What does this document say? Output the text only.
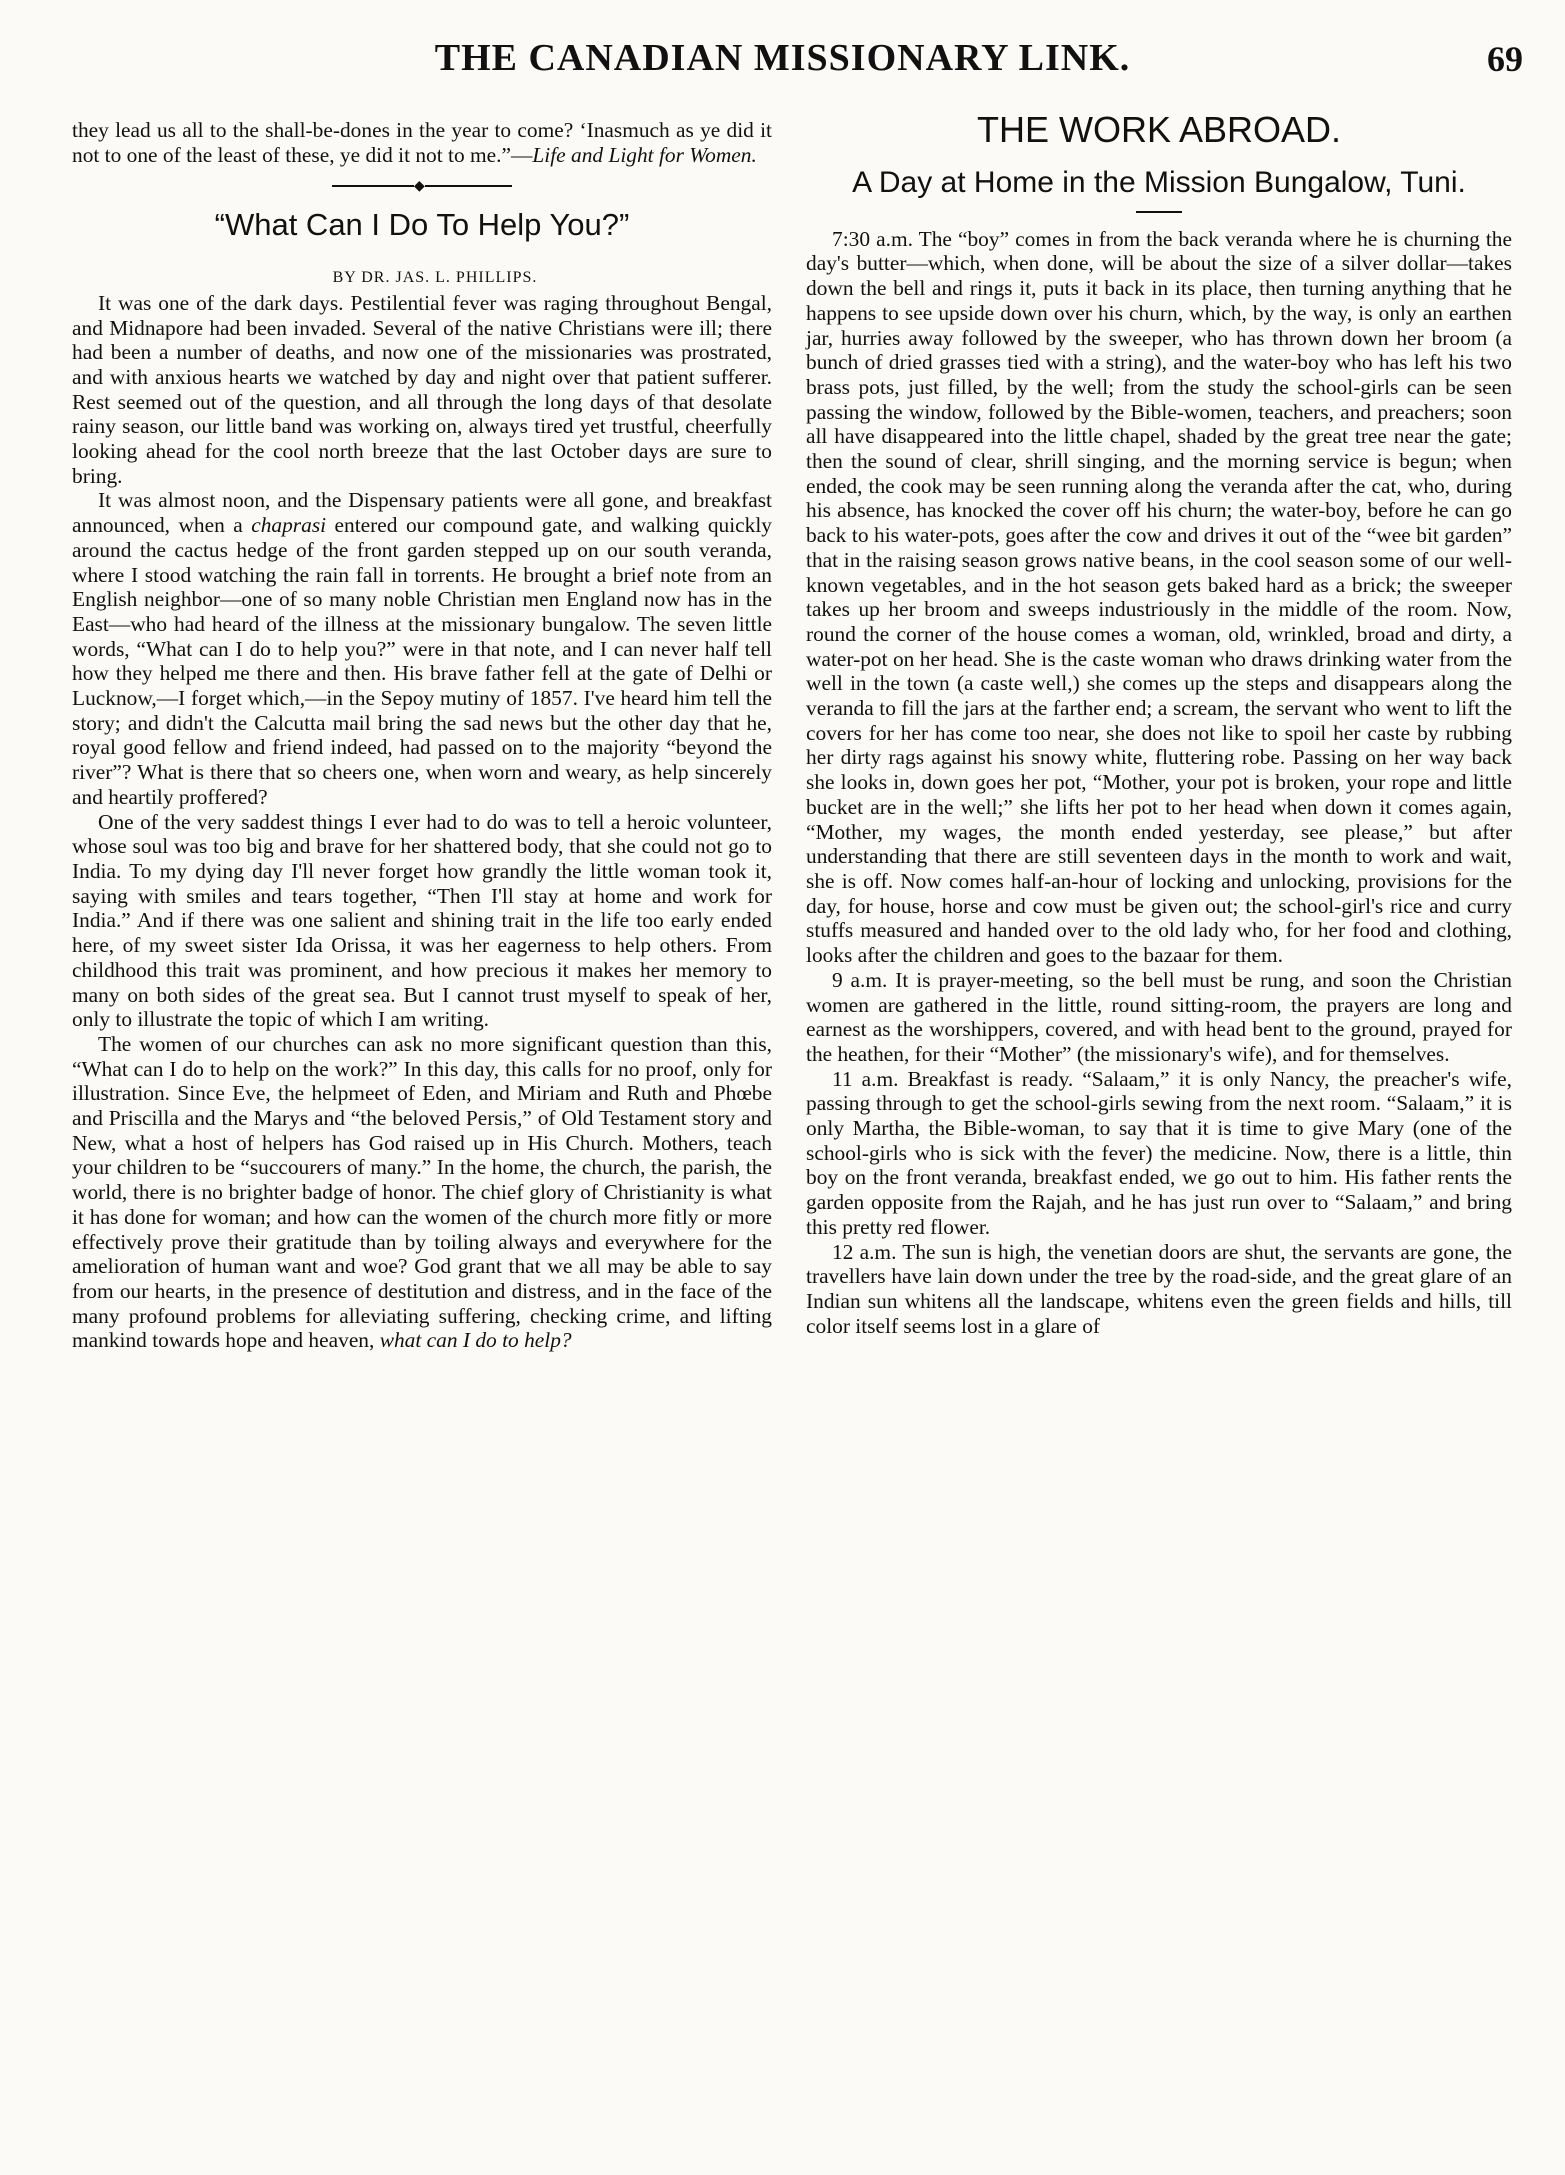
THE CANADIAN MISSIONARY LINK.	69

they lead us all to the shall-be-dones in the year to come? ‘Inasmuch as ye did it not to one of the least of these, ye did it not to me.”—Life and Light for Women.

◆
“What Can I Do To Help You?”

BY DR. JAS. L. PHILLIPS.

It was one of the dark days. Pestilential fever was raging throughout Bengal, and Midnapore had been invaded. Several of the native Christians were ill; there had been a number of deaths, and now one of the missionaries was prostrated, and with anxious hearts we watched by day and night over that patient sufferer. Rest seemed out of the question, and all through the long days of that desolate rainy season, our little band was working on, always tired yet trustful, cheerfully looking ahead for the cool north breeze that the last October days are sure to bring.

It was almost noon, and the Dispensary patients were all gone, and breakfast announced, when a chaprasi entered our compound gate, and walking quickly around the cactus hedge of the front garden stepped up on our south veranda, where I stood watching the rain fall in torrents. He brought a brief note from an English neighbor—one of so many noble Christian men England now has in the East—who had heard of the illness at the missionary bungalow. The seven little words, “What can I do to help you?” were in that note, and I can never half tell how they helped me there and then. His brave father fell at the gate of Delhi or Lucknow,—I forget which,—in the Sepoy mutiny of 1857. I've heard him tell the story; and didn't the Calcutta mail bring the sad news but the other day that he, royal good fellow and friend indeed, had passed on to the majority “beyond the river”? What is there that so cheers one, when worn and weary, as help sincerely and heartily proffered?

One of the very saddest things I ever had to do was to tell a heroic volunteer, whose soul was too big and brave for her shattered body, that she could not go to India. To my dying day I'll never forget how grandly the little woman took it, saying with smiles and tears together, “Then I'll stay at home and work for India.” And if there was one salient and shining trait in the life too early ended here, of my sweet sister Ida Orissa, it was her eagerness to help others. From childhood this trait was prominent, and how precious it makes her memory to many on both sides of the great sea. But I cannot trust myself to speak of her, only to illustrate the topic of which I am writing.

The women of our churches can ask no more significant question than this, “What can I do to help on the work?” In this day, this calls for no proof, only for illustration. Since Eve, the helpmeet of Eden, and Miriam and Ruth and Phœbe and Priscilla and the Marys and “the beloved Persis,” of Old Testament story and New, what a host of helpers has God raised up in His Church. Mothers, teach your children to be “succourers of many.” In the home, the church, the parish, the world, there is no brighter badge of honor. The chief glory of Christianity is what it has done for woman; and how can the women of the church more fitly or more effectively prove their gratitude than by toiling always and everywhere for the amelioration of human want and woe? God grant that we all may be able to say from our hearts, in the presence of destitution and distress, and in the face of the many profound problems for alleviating suffering, checking crime, and lifting mankind towards hope and heaven, what can I do to help?

THE WORK ABROAD.
A Day at Home in the Mission Bungalow, Tuni.

7:30 a.m. The “boy” comes in from the back veranda where he is churning the day's butter—which, when done, will be about the size of a silver dollar—takes down the bell and rings it, puts it back in its place, then turning anything that he happens to see upside down over his churn, which, by the way, is only an earthen jar, hurries away followed by the sweeper, who has thrown down her broom (a bunch of dried grasses tied with a string), and the water-boy who has left his two brass pots, just filled, by the well; from the study the school-girls can be seen passing the window, followed by the Bible-women, teachers, and preachers; soon all have disappeared into the little chapel, shaded by the great tree near the gate; then the sound of clear, shrill singing, and the morning service is begun; when ended, the cook may be seen running along the veranda after the cat, who, during his absence, has knocked the cover off his churn; the water-boy, before he can go back to his water-pots, goes after the cow and drives it out of the “wee bit garden” that in the raising season grows native beans, in the cool season some of our well-known vegetables, and in the hot season gets baked hard as a brick; the sweeper takes up her broom and sweeps industriously in the middle of the room. Now, round the corner of the house comes a woman, old, wrinkled, broad and dirty, a water-pot on her head. She is the caste woman who draws drinking water from the well in the town (a caste well,) she comes up the steps and disappears along the veranda to fill the jars at the farther end; a scream, the servant who went to lift the covers for her has come too near, she does not like to spoil her caste by rubbing her dirty rags against his snowy white, fluttering robe. Passing on her way back she looks in, down goes her pot, “Mother, your pot is broken, your rope and little bucket are in the well;” she lifts her pot to her head when down it comes again, “Mother, my wages, the month ended yesterday, see please,” but after understanding that there are still seventeen days in the month to work and wait, she is off. Now comes half-an-hour of locking and unlocking, provisions for the day, for house, horse and cow must be given out; the school-girl's rice and curry stuffs measured and handed over to the old lady who, for her food and clothing, looks after the children and goes to the bazaar for them.

9 a.m. It is prayer-meeting, so the bell must be rung, and soon the Christian women are gathered in the little, round sitting-room, the prayers are long and earnest as the worshippers, covered, and with head bent to the ground, prayed for the heathen, for their “Mother” (the missionary's wife), and for themselves.

11 a.m. Breakfast is ready. “Salaam,” it is only Nancy, the preacher's wife, passing through to get the school-girls sewing from the next room. “Salaam,” it is only Martha, the Bible-woman, to say that it is time to give Mary (one of the school-girls who is sick with the fever) the medicine. Now, there is a little, thin boy on the front veranda, breakfast ended, we go out to him. His father rents the garden opposite from the Rajah, and he has just run over to “Salaam,” and bring this pretty red flower.

12 a.m. The sun is high, the venetian doors are shut, the servants are gone, the travellers have lain down under the tree by the road-side, and the great glare of an Indian sun whitens all the landscape, whitens even the green fields and hills, till color itself seems lost in a glare of
